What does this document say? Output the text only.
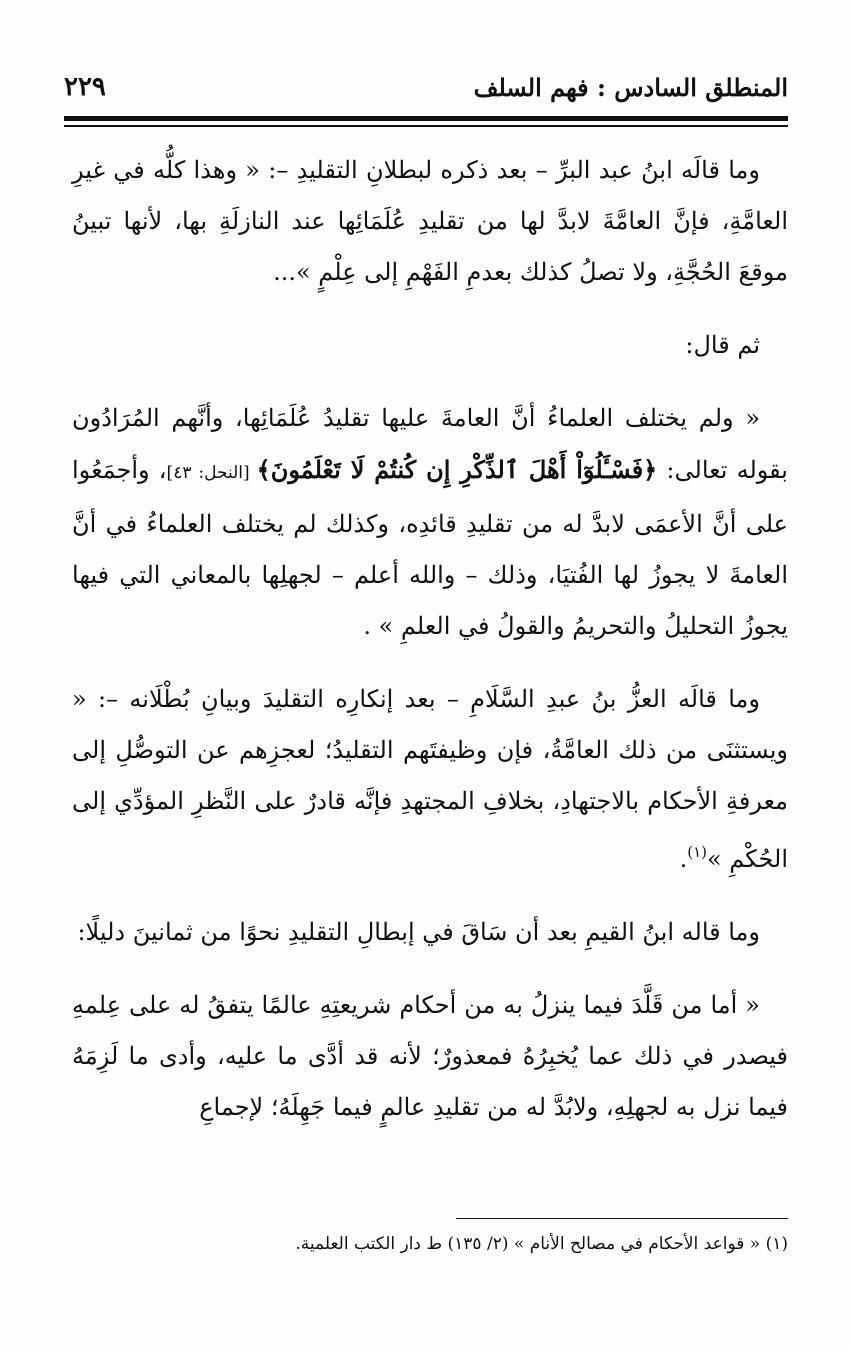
المنطلق السادس : فهم السلف
٢٢٩

وما قالَه ابنُ عبد البرِّ – بعد ذكره لبطلانِ التقليدِ –: « وهذا كلُّه في غيرِ العامَّةِ، فإنَّ العامَّةَ لابدَّ لها من تقليدِ عُلَمَائِها عند النازلَةِ بها، لأنها تبينُ موقعَ الحُجَّةِ، ولا تصلُ كذلك بعدمِ الفَهْمِ إلى عِلْمٍ »...

ثم قال:

« ولم يختلف العلماءُ أنَّ العامةَ عليها تقليدُ عُلَمَائِها، وأنَّهم المُرَادُون بقوله تعالى: ﴿فَسْـَٔلُوٓاْ أَهْلَ ٱلذِّكْرِ إِن كُنتُمْ لَا تَعْلَمُونَ﴾ [النحل: ٤٣]، وأجمَعُوا على أنَّ الأعمَى لابدَّ له من تقليدِ قائدِه، وكذلك لم يختلف العلماءُ في أنَّ العامةَ لا يجوزُ لها الفُتيَا، وذلك – والله أعلم – لجهلِها بالمعاني التي فيها يجوزُ التحليلُ والتحريمُ والقولُ في العلمِ » .

وما قالَه العزُّ بنُ عبدِ السَّلَامِ – بعد إنكارِه التقليدَ وبيانِ بُطْلَانه –: « ويستثنَى من ذلك العامَّةُ، فإن وظيفتَهم التقليدُ؛ لعجزِهم عن التوصُّلِ إلى معرفةِ الأحكام بالاجتهادِ، بخلافِ المجتهدِ فإنَّه قادرٌ على النَّظرِ المؤدِّي إلى الحُكْمِ »$^{(١)}$.

وما قاله ابنُ القيمِ بعد أن سَاقَ في إبطالِ التقليدِ نحوًا من ثمانينَ دليلًا:

« أما من قَلَّدَ فيما ينزلُ به من أحكام شريعتِهِ عالمًا يتفقُ له على عِلمهِ فيصدر في ذلك عما يُخبِرُهُ فمعذورٌ؛ لأنه قد أدَّى ما عليه، وأدى ما لَزِمَهُ فيما نزل به لجهلِهِ، ولابُدَّ له من تقليدِ عالمٍ فيما جَهِلَهُ؛ لإجماعِ

(١) « قواعد الأحكام في مصالح الأنام » (٢/ ١٣٥) ط دار الكتب العلمية.
